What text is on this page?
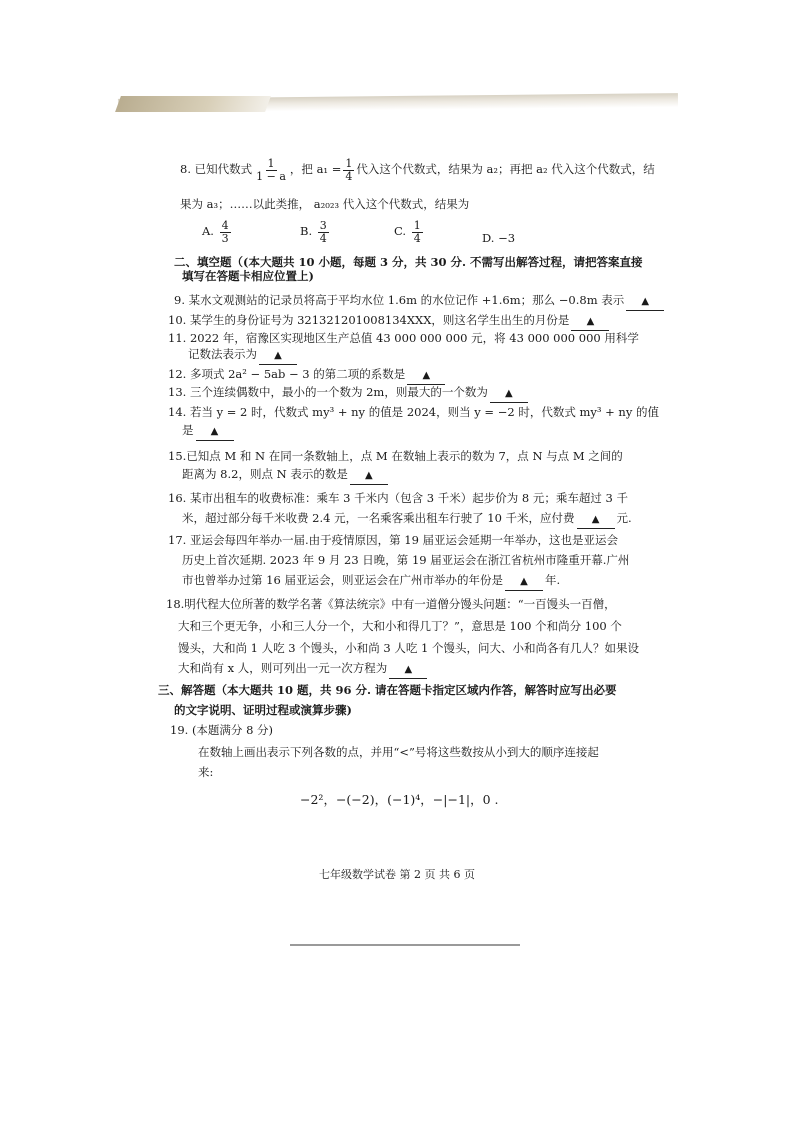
8. 已知代数式 $\frac{1}{1 - a}$ ，把 $a_1 = \frac{1}{4}$ 代入这个代数式，结果为 a₂；再把 a₂ 代入这个代数式，结
果为 a₃；……以此类推， a₂₀₂₃ 代入这个代数式，结果为
A. $\frac{4}{3}$	B. $\frac{3}{4}$	C. $\frac{1}{4}$	D. −3
二、填空题（(本大题共 10 小题，每题 3 分，共 30 分. 不需写出解答过程，请把答案直接
填写在答题卡相应位置上)
9. 某水文观测站的记录员将高于平均水位 1.6m 的水位记作 +1.6m；那么 −0.8m 表示 ▲
10. 某学生的身份证号为 321321201008134XXX，则这名学生出生的月份是 ▲
11. 2022 年，宿豫区实现地区生产总值 43 000 000 000 元，将 43 000 000 000 用科学
记数法表示为 ▲
12. 多项式 2a² − 5ab − 3 的第二项的系数是 ▲
13. 三个连续偶数中，最小的一个数为 2m，则最大的一个数为 ▲
14. 若当 y = 2 时，代数式 my³ + ny 的值是 2024，则当 y = −2 时，代数式 my³ + ny 的值
是 ▲
15.已知点 M 和 N 在同一条数轴上，点 M 在数轴上表示的数为 7，点 N 与点 M 之间的
距离为 8.2，则点 N 表示的数是 ▲
16. 某市出租车的收费标准：乘车 3 千米内（包含 3 千米）起步价为 8 元；乘车超过 3 千
米，超过部分每千米收费 2.4 元，一名乘客乘出租车行驶了 10 千米，应付费 ▲ 元.
17. 亚运会每四年举办一届.由于疫情原因，第 19 届亚运会延期一年举办，这也是亚运会
历史上首次延期. 2023 年 9 月 23 日晚，第 19 届亚运会在浙江省杭州市隆重开幕.广州
市也曾举办过第 16 届亚运会，则亚运会在广州市举办的年份是 ▲ 年.
18.明代程大位所著的数学名著《算法统宗》中有一道僧分馒头问题：“一百馒头一百僧，
大和三个更无争，小和三人分一个，大和小和得几丁？”，意思是 100 个和尚分 100 个
馒头，大和尚 1 人吃 3 个馒头，小和尚 3 人吃 1 个馒头，问大、小和尚各有几人？如果设
大和尚有 x 人，则可列出一元一次方程为 ▲
三、解答题（本大题共 10 题，共 96 分. 请在答题卡指定区域内作答，解答时应写出必要
的文字说明、证明过程或演算步骤)
19. (本题满分 8 分)
在数轴上画出表示下列各数的点，并用“<”号将这些数按从小到大的顺序连接起
来:
−2²，−(−2)，(−1)⁴，−|−1|，0 .
七年级数学试卷 第 2 页 共 6 页
